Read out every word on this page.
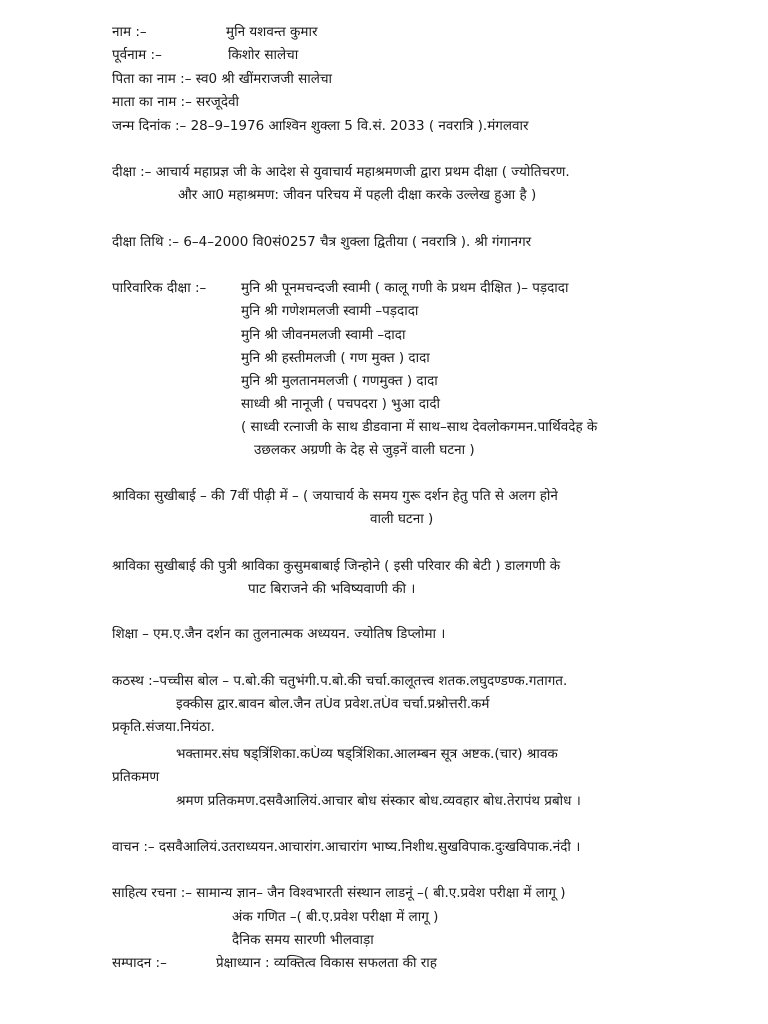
नाम :–	मुनि यशवन्त कुमार
पूर्वनाम :–	किशोर सालेचा
पिता का नाम :– स्व0 श्री खींमराजजी सालेचा
माता का नाम :– सरजूदेवी
जन्म दिनांक :– 28–9–1976 आश्विन शुक्ला 5 वि.सं. 2033 ( नवरात्रि ).मंगलवार
दीक्षा :– आचार्य महाप्रज्ञ जी के आदेश से युवाचार्य महाश्रमणजी द्वारा प्रथम दीक्षा ( ज्योतिचरण.
और आ0 महाश्रमण: जीवन परिचय में पहली दीक्षा करके उल्लेख हुआ है )
दीक्षा तिथि :– 6–4–2000 वि0सं0257 चैत्र शुक्ला द्वितीया ( नवरात्रि ). श्री गंगानगर
पारिवारिक दीक्षा :–	मुनि श्री पूनमचन्दजी स्वामी ( कालू गणी के प्रथम दीक्षित )– पड़दादा
मुनि श्री गणेशमलजी स्वामी –पड़दादा
मुनि श्री जीवनमलजी स्वामी –दादा
मुनि श्री हस्तीमलजी ( गण मुक्त ) दादा
मुनि श्री मुलतानमलजी ( गणमुक्त ) दादा
साध्वी श्री नानूजी ( पचपदरा ) भुआ दादी
( साध्वी रत्नाजी के साथ डीडवाना में साथ–साथ देवलोकगमन.पार्थिवदेह के
उछलकर अग्रणी के देह से जुड़नें वाली घटना )
श्राविका सुखीबाई – की 7वीं पीढ़ी में – ( जयाचार्य के समय गुरू दर्शन हेतु पति से अलग होने
वाली घटना )
श्राविका सुखीबाई की पुत्री श्राविका कुसुमबाबाई जिन्होने ( इसी परिवार की बेटी ) डालगणी के
पाट बिराजने की भविष्यवाणी की ।
शिक्षा – एम.ए.जैन दर्शन का तुलनात्मक अध्ययन. ज्योतिष डिप्लोमा ।
कठस्थ :–पच्चीस बोल – प.बो.की चतुभंगी.प.बो.की चर्चा.कालूतत्त्व शतक.लघुदण्डण्क.गतागत.
इक्कीस द्वार.बावन बोल.जैन तÙव प्रवेश.तÙव चर्चा.प्रश्नोत्तरी.कर्म
प्रकृति.संजया.नियंठा.
भक्तामर.संघ षड्त्रिंशिका.कÙव्य षड्त्रिंशिका.आलम्बन सूत्र अष्टक.(चार) श्रावक
प्रतिकमण
श्रमण प्रतिकमण.दसवैआलियं.आचार बोध संस्कार बोध.व्यवहार बोध.तेरापंथ प्रबोध ।
वाचन :– दसवैआलियं.उतराध्ययन.आचारांग.आचारांग भाष्य.निशीथ.सुखविपाक.दुःखविपाक.नंदी ।
साहित्य रचना :– सामान्य ज्ञान– जैन विश्वभारती संस्थान लाडनूं –( बी.ए.प्रवेश परीक्षा में लागू )
अंक गणित –( बी.ए.प्रवेश परीक्षा में लागू )
दैनिक समय सारणी भीलवाड़ा
सम्पादन :–	प्रेक्षाध्यान : व्यक्तित्व विकास सफलता की राह
